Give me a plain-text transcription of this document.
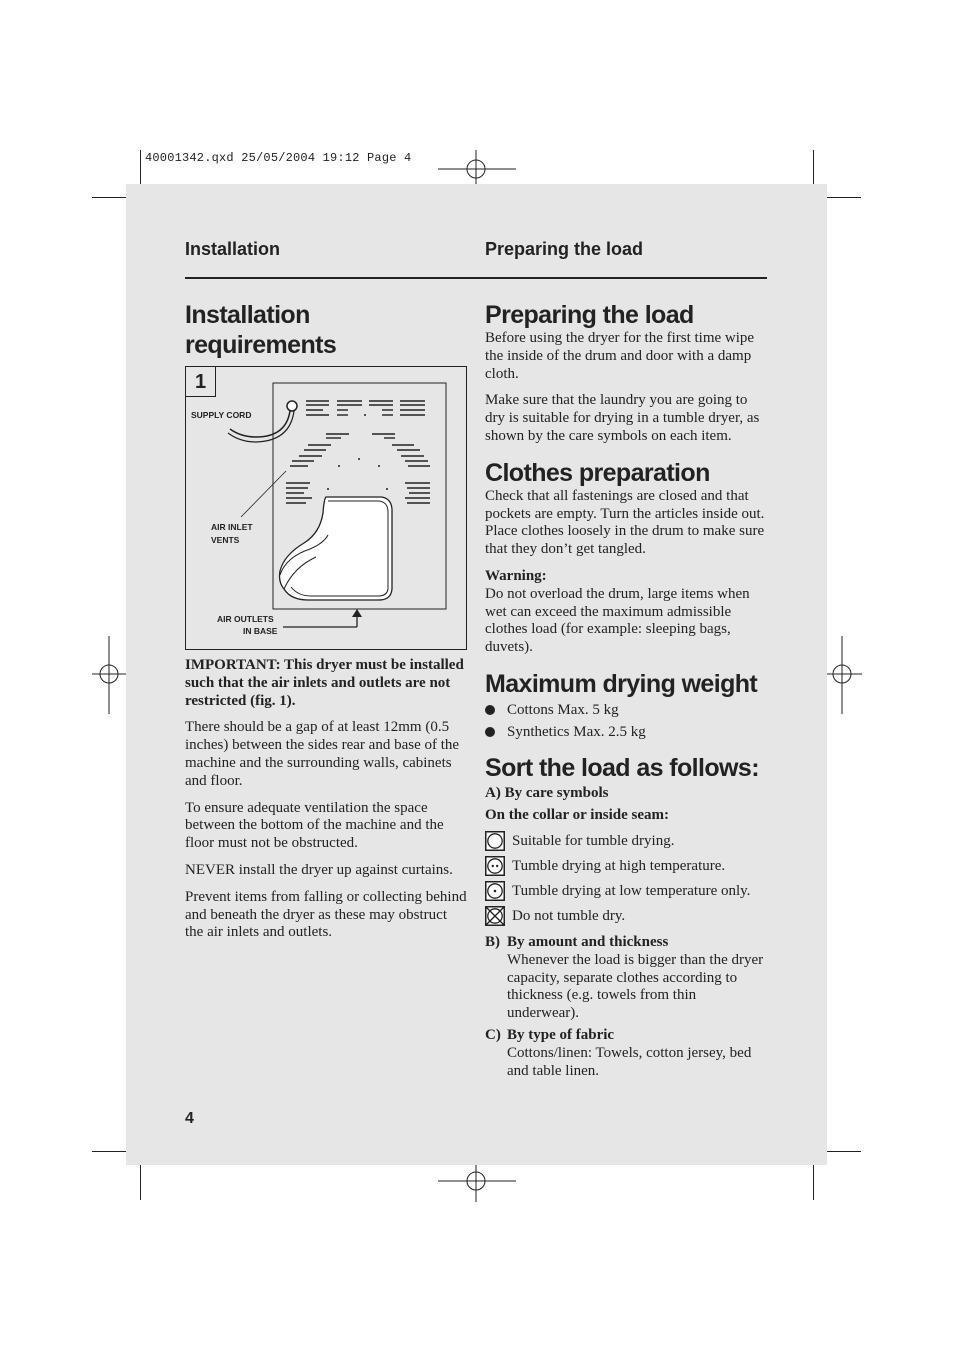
40001342.qxd 25/05/2004 19:12 Page 4
Installation	Preparing the load
Installation requirements
1
SUPPLY CORD
AIR INLET
VENTS
AIR OUTLETS
IN BASE

IMPORTANT: This dryer must be installed such that the air inlets and outlets are not restricted (fig. 1).

There should be a gap of at least 12mm (0.5 inches) between the sides rear and base of the machine and the surrounding walls, cabinets and floor.

To ensure adequate ventilation the space between the bottom of the machine and the floor must not be obstructed.

NEVER install the dryer up against curtains.

Prevent items from falling or collecting behind and beneath the dryer as these may obstruct the air inlets and outlets.

Preparing the load

Before using the dryer for the first time wipe the inside of the drum and door with a damp cloth.

Make sure that the laundry you are going to dry is suitable for drying in a tumble dryer, as shown by the care symbols on each item.

Clothes preparation

Check that all fastenings are closed and that pockets are empty. Turn the articles inside out. Place clothes loosely in the drum to make sure that they don’t get tangled.

Warning:

Do not overload the drum, large items when wet can exceed the maximum admissible clothes load (for example: sleeping bags, duvets).

Maximum drying weight
Cottons Max. 5 kg
Synthetics Max. 2.5 kg
Sort the load as follows:

A) By care symbols

On the collar or inside seam:

Suitable for tumble drying.
Tumble drying at high temperature.
Tumble drying at low temperature only.
Do not tumble dry.
B) By amount and thickness
Whenever the load is bigger than the dryer capacity, separate clothes according to thickness (e.g. towels from thin underwear).
C) By type of fabric
Cottons/linen: Towels, cotton jersey, bed and table linen.
4
